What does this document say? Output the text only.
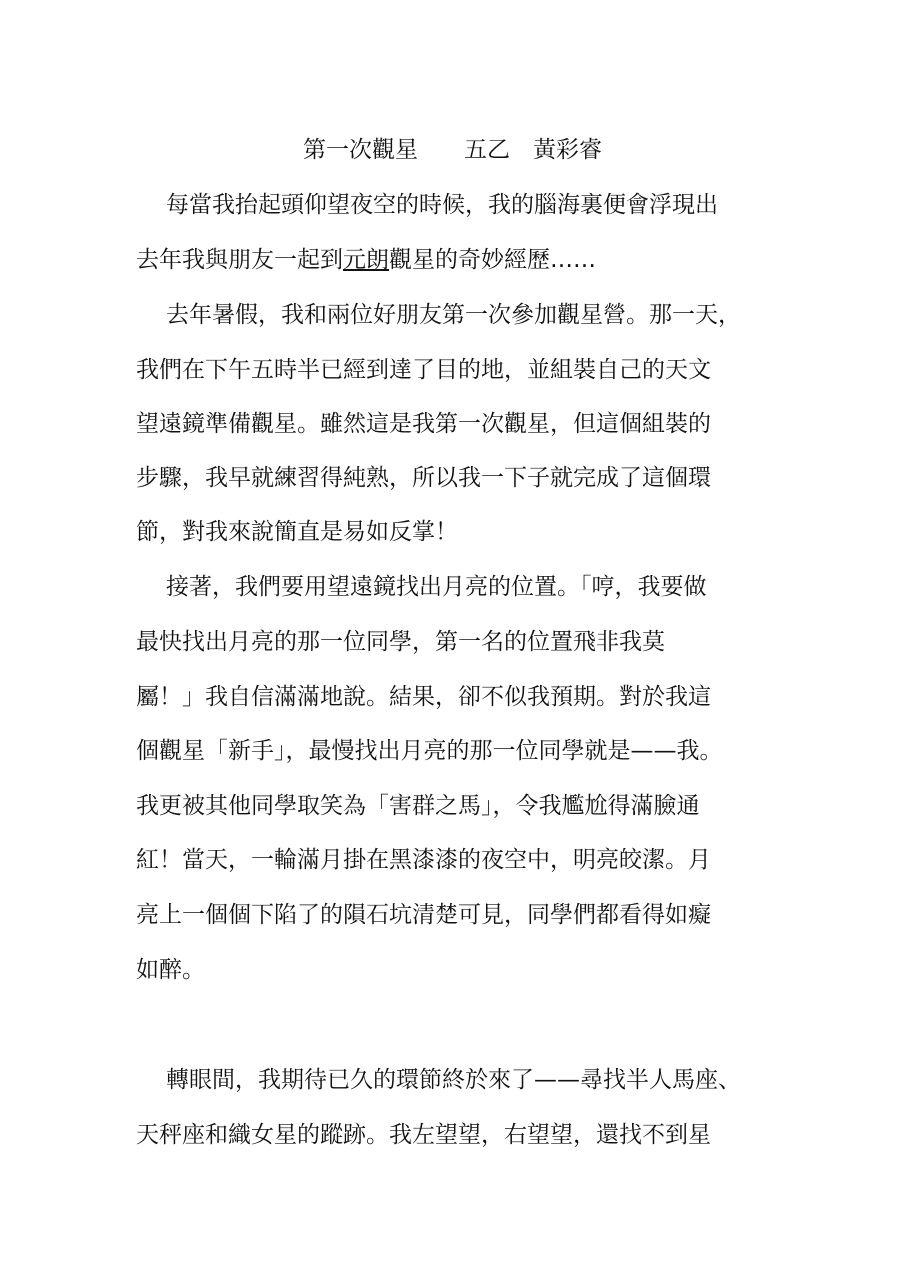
第一次觀星　　五乙　黃彩睿
每當我抬起頭仰望夜空的時候，我的腦海裏便會浮現出
去年我與朋友一起到元朗觀星的奇妙經歷……
去年暑假，我和兩位好朋友第一次參加觀星營。那一天，
我們在下午五時半已經到達了目的地，並組裝自己的天文
望遠鏡準備觀星。雖然這是我第一次觀星，但這個組裝的
步驟，我早就練習得純熟，所以我一下子就完成了這個環
節，對我來說簡直是易如反掌！
接著，我們要用望遠鏡找出月亮的位置。「哼，我要做
最快找出月亮的那一位同學，第一名的位置飛非我莫
屬！」我自信滿滿地說。結果，卻不似我預期。對於我這
個觀星「新手」，最慢找出月亮的那一位同學就是——我。
我更被其他同學取笑為「害群之馬」，令我尷尬得滿臉通
紅！當天，一輪滿月掛在黑漆漆的夜空中，明亮皎潔。月
亮上一個個下陷了的隕石坑清楚可見，同學們都看得如癡
如醉。
轉眼間，我期待已久的環節終於來了——尋找半人馬座、
天秤座和織女星的蹤跡。我左望望，右望望，還找不到星
